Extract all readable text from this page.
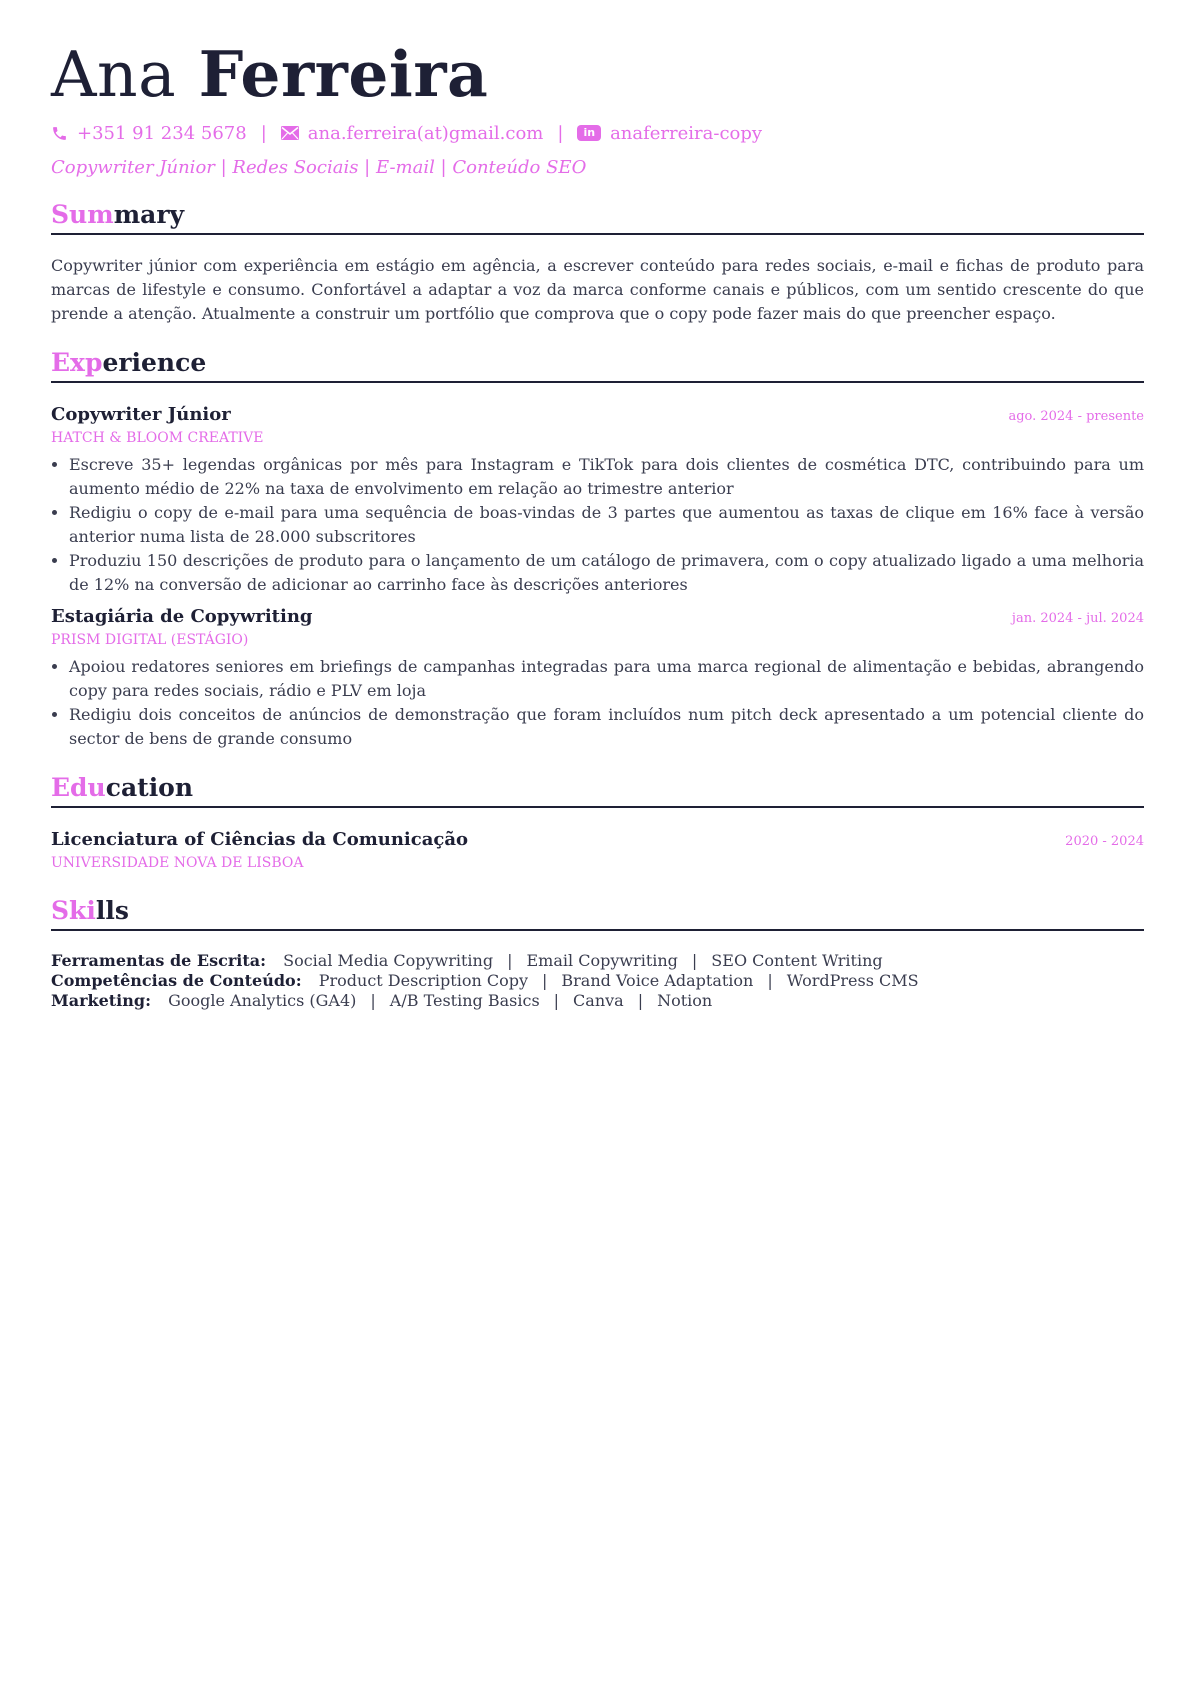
Ana Ferreira
+351 91 234 5678 | ana.ferreira(at)gmail.com |	in anaferreira-copy
Copywriter Júnior | Redes Sociais | E-mail | Conteúdo SEO
Summary
Copywriter júnior com experiência em estágio em agência, a escrever conteúdo para redes sociais, e-mail e fichas de produto para marcas de lifestyle e consumo. Confortável a adaptar a voz da marca conforme canais e públicos, com um sentido crescente do que prende a atenção. Atualmente a construir um portfólio que comprova que o copy pode fazer mais do que preencher espaço.
Experience
Copywriter Júnior	ago. 2024 - presente
HATCH & BLOOM CREATIVE
• Escreve 35+ legendas orgânicas por mês para Instagram e TikTok para dois clientes de cosmética DTC, contribuindo para um aumento médio de 22% na taxa de envolvimento em relação ao trimestre anterior
• Redigiu o copy de e-mail para uma sequência de boas-vindas de 3 partes que aumentou as taxas de clique em 16% face à versão anterior numa lista de 28.000 subscritores
• Produziu 150 descrições de produto para o lançamento de um catálogo de primavera, com o copy atualizado ligado a uma melhoria de 12% na conversão de adicionar ao carrinho face às descrições anteriores
Estagiária de Copywriting	jan. 2024 - jul. 2024
PRISM DIGITAL (ESTÁGIO)
• Apoiou redatores seniores em briefings de campanhas integradas para uma marca regional de alimentação e bebidas, abrangendo copy para redes sociais, rádio e PLV em loja
• Redigiu dois conceitos de anúncios de demonstração que foram incluídos num pitch deck apresentado a um potencial cliente do sector de bens de grande consumo
Education
Licenciatura of Ciências da Comunicação	2020 - 2024
UNIVERSIDADE NOVA DE LISBOA
Skills
Ferramentas de Escrita: Social Media Copywriting | Email Copywriting | SEO Content Writing
Competências de Conteúdo: Product Description Copy | Brand Voice Adaptation | WordPress CMS
Marketing: Google Analytics (GA4) | A/B Testing Basics | Canva | Notion
